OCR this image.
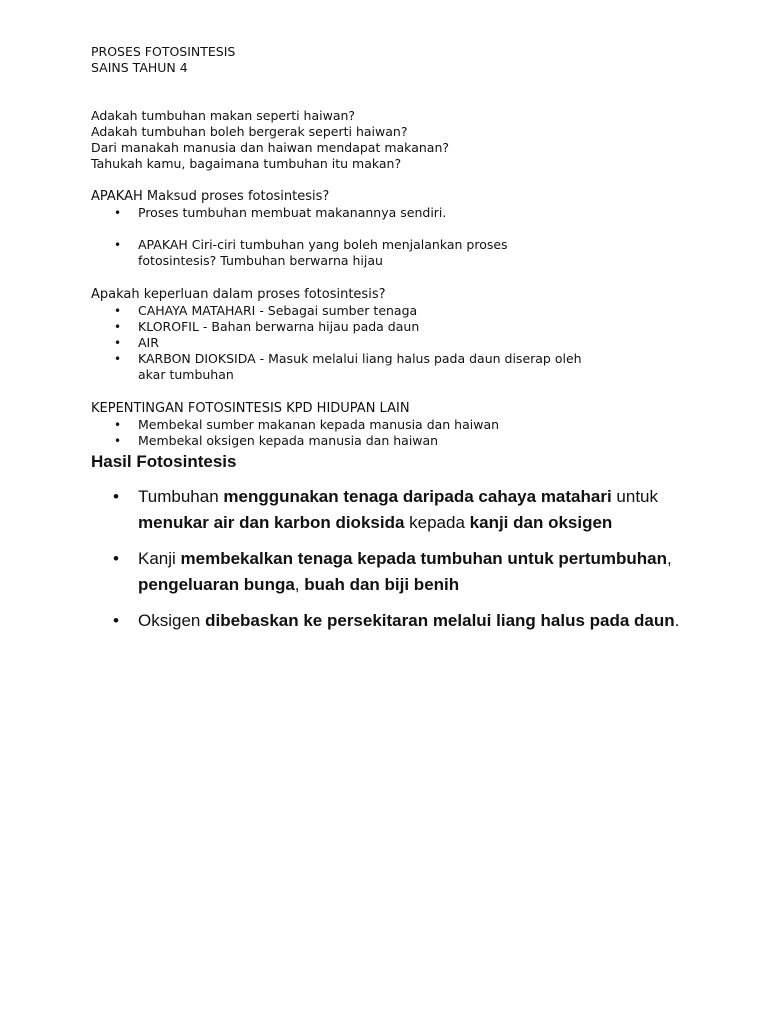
PROSES FOTOSINTESIS
SAINS TAHUN 4
Adakah tumbuhan makan seperti haiwan?
Adakah tumbuhan boleh bergerak seperti haiwan?
Dari manakah manusia dan haiwan mendapat makanan?
Tahukah kamu, bagaimana tumbuhan itu makan?
APAKAH Maksud proses fotosintesis?
• Proses tumbuhan membuat makanannya sendiri.
• APAKAH Ciri-ciri tumbuhan yang boleh menjalankan proses
fotosintesis? Tumbuhan berwarna hijau
Apakah keperluan dalam proses fotosintesis?
• CAHAYA MATAHARI - Sebagai sumber tenaga
• KLOROFIL - Bahan berwarna hijau pada daun
• AIR
• KARBON DIOKSIDA - Masuk melalui liang halus pada daun diserap oleh
akar tumbuhan
KEPENTINGAN FOTOSINTESIS KPD HIDUPAN LAIN
• Membekal sumber makanan kepada manusia dan haiwan
• Membekal oksigen kepada manusia dan haiwan
Hasil Fotosintesis
• Tumbuhan menggunakan tenaga daripada cahaya matahari untuk menukar air dan karbon dioksida kepada kanji dan oksigen
• Kanji membekalkan tenaga kepada tumbuhan untuk pertumbuhan, pengeluaran bunga, buah dan biji benih
• Oksigen dibebaskan ke persekitaran melalui liang halus pada daun.
